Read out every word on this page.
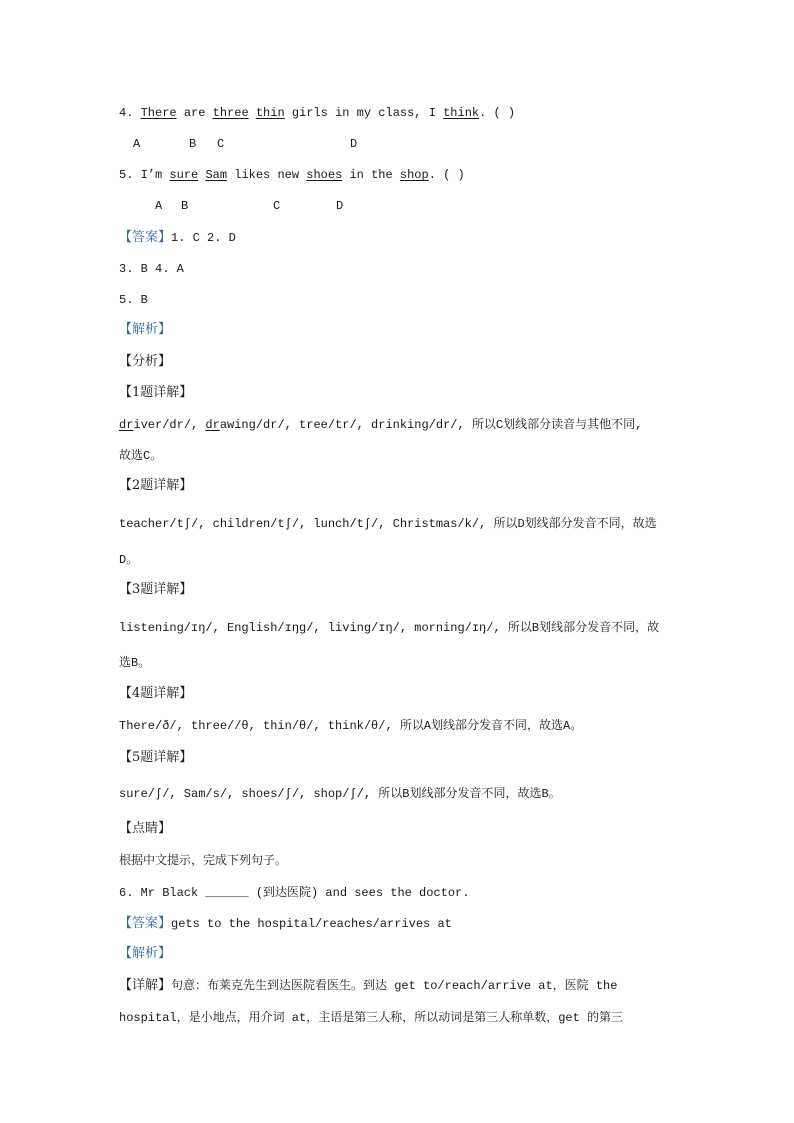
4. There are three thin girls in my class, I think. ( )
A	B C	D
5. I’m sure Sam likes new shoes in the shop. ( )
A B	C	D
【答案】1. C 2. D
3. B 4. A
5. B
【解析】
【分析】
【1题详解】
driver/dr/, drawing/dr/, tree/tr/, drinking/dr/, 所以C划线部分读音与其他不同,
故选C。
【2题详解】
teacher/tʃ/, children/tʃ/, lunch/tʃ/, Christmas/k/, 所以D划线部分发音不同，故选
D。
【3题详解】
listening/ɪŋ/, English/ɪŋg/, living/ɪŋ/, morning/ɪŋ/, 所以B划线部分发音不同，故
选B。
【4题详解】
There/ð/, three//θ, thin/θ/, think/θ/, 所以A划线部分发音不同，故选A。
【5题详解】
sure/ʃ/, Sam/s/, shoes/ʃ/, shop/ʃ/, 所以B划线部分发音不同，故选B。
【点睛】
根据中文提示，完成下列句子。
6. Mr Black ______ (到达医院) and sees the doctor.
【答案】gets to the hospital/reaches/arrives at
【解析】
【详解】句意：布莱克先生到达医院看医生。到达 get to/reach/arrive at，医院 the
hospital，是小地点，用介词 at，主语是第三人称，所以动词是第三人称单数，get 的第三
